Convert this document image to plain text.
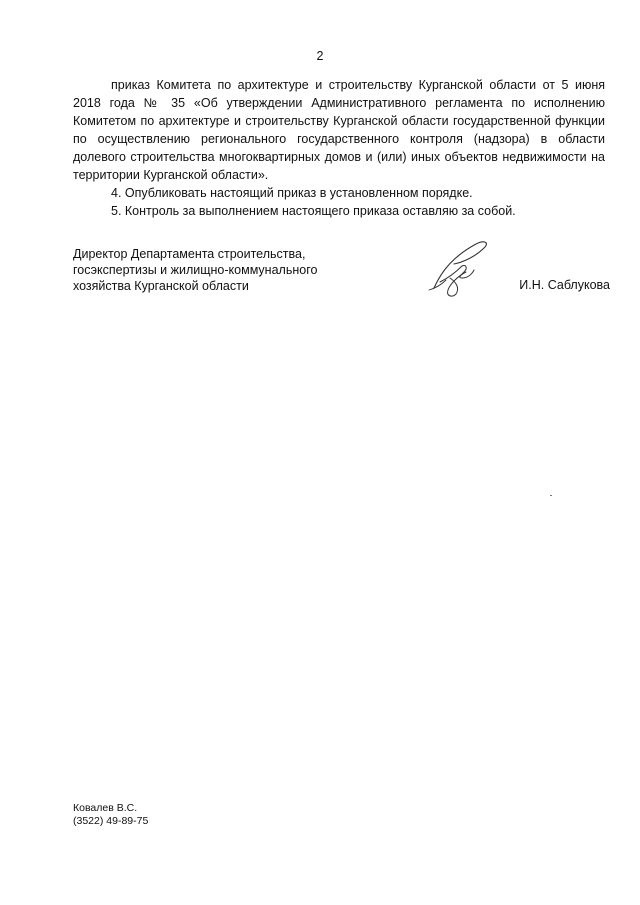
2

приказ Комитета по архитектуре и строительству Курганской области от 5 июня 2018 года № 35 «Об утверждении Административного регламента по исполнению Комитетом по архитектуре и строительству Курганской области государственной функции по осуществлению регионального государственного контроля (надзора) в области долевого строительства многоквартирных домов и (или) иных объектов недвижимости на территории Курганской области».

4. Опубликовать настоящий приказ в установленном порядке.

5. Контроль за выполнением настоящего приказа оставляю за собой.

Директор Департамента строительства,
госэкспертизы и жилищно-коммунального
хозяйства Курганской области	И.Н. Саблукова
Ковалев В.С.
(3522) 49-89-75
